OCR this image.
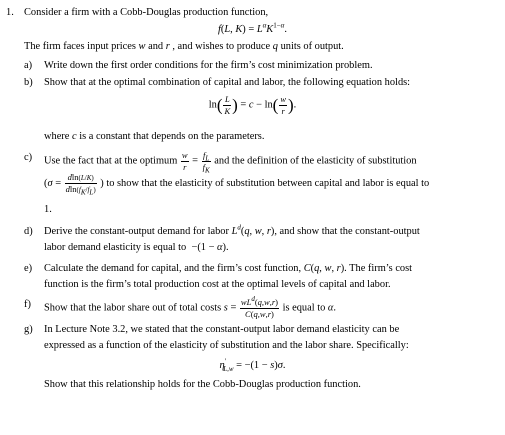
1. Consider a firm with a Cobb-Douglas production function,
f(L, $K) = L^\alpha K^{1-\alpha}$.
The firm faces input prices w and r , and wishes to produce q units of output.
a) Write down the first order conditions for the firm’s cost minimization problem.
b) Show that at the optimal combination of capital and labor, the following equation holds:
$\ln( \frac{L}{K}$ ) = $c - \ln( \frac{w}{r}$ ).
where c is a constant that depends on the parameters.
c) Use the fact that at the optimum $\frac{w}{r} = \frac{f_L}{f_K}$ and the definition of the elasticity of substitution
($\sigma = \frac{dln(L/K)}{dln(f_K/f_L)}$ ) to show that the elasticity of substitution between capital and labor is equal to
1.
d) Derive the constant-output demand for labor $L^d(q$, w, r), and show that the constant-output
labor demand elasticity is equal to  −(1 − α).
e) Calculate the demand for capital, and the firm’s cost function, C(q, w, r). The firm’s cost
function is the firm’s total production cost at the optimal levels of capital and labor.
f) Show that the labor share out of total costs $s = \frac{wL^d(q,w,r)}{C(q,w,r)}$ is equal to α.
g) In Lecture Note 3.2, we stated that the constant-output labor demand elasticity can be
expressed as a function of the elasticity of substitution and the labor share. Specifically:
$\eta'_{L,w} = -(1 - s)\sigma$.
Show that this relationship holds for the Cobb-Douglas production function.
